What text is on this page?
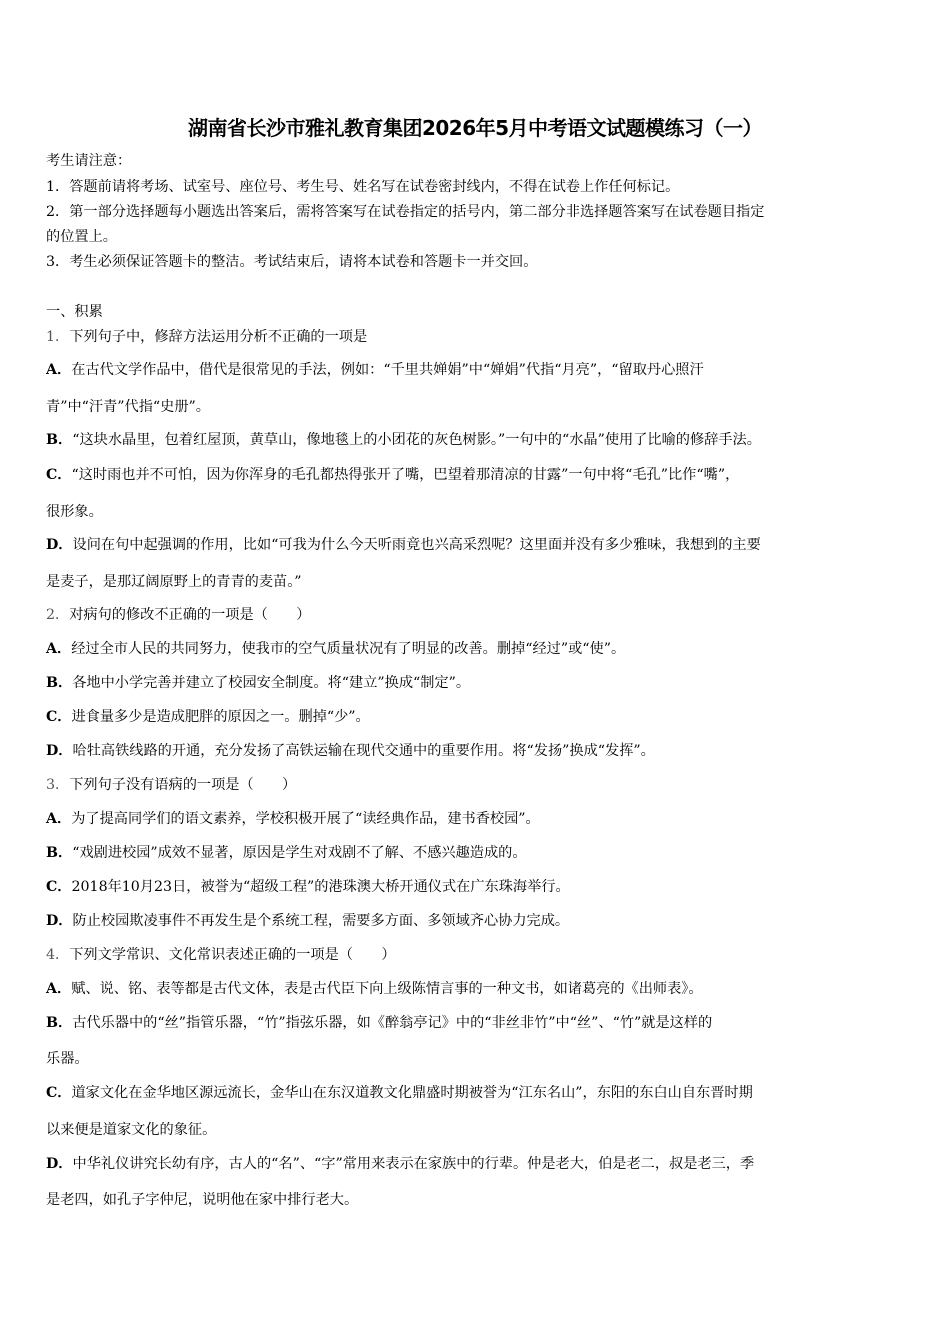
湖南省长沙市雅礼教育集团2026年5月中考语文试题模练习（一）
考生请注意：
1．答题前请将考场、试室号、座位号、考生号、姓名写在试卷密封线内，不得在试卷上作任何标记。
2．第一部分选择题每小题选出答案后，需将答案写在试卷指定的括号内，第二部分非选择题答案写在试卷题目指定
的位置上。
3．考生必须保证答题卡的整洁。考试结束后，请将本试卷和答题卡一并交回。
一、积累
1．下列句子中，修辞方法运用分析不正确的一项是
A．在古代文学作品中，借代是很常见的手法，例如：“千里共婵娟”中“婵娟”代指“月亮”，“留取丹心照汗
青”中“汗青”代指“史册”。
B．“这块水晶里，包着红屋顶，黄草山，像地毯上的小团花的灰色树影。”一句中的“水晶”使用了比喻的修辞手法。
C．“这时雨也并不可怕，因为你浑身的毛孔都热得张开了嘴，巴望着那清凉的甘露”一句中将“毛孔”比作“嘴”，
很形象。
D．设问在句中起强调的作用，比如“可我为什么今天听雨竟也兴高采烈呢？这里面并没有多少雅味，我想到的主要
是麦子，是那辽阔原野上的青青的麦苗。”
2．对病句的修改不正确的一项是（　　）
A．经过全市人民的共同努力，使我市的空气质量状况有了明显的改善。删掉“经过”或“使”。
B．各地中小学完善并建立了校园安全制度。将“建立”换成“制定”。
C．进食量多少是造成肥胖的原因之一。删掉“少”。
D．哈牡高铁线路的开通，充分发扬了高铁运输在现代交通中的重要作用。将“发扬”换成“发挥”。
3．下列句子没有语病的一项是（　　）
A．为了提高同学们的语文素养，学校积极开展了“读经典作品，建书香校园”。
B．“戏剧进校园”成效不显著，原因是学生对戏剧不了解、不感兴趣造成的。
C．2018年10月23日，被誉为“超级工程”的港珠澳大桥开通仪式在广东珠海举行。
D．防止校园欺凌事件不再发生是个系统工程，需要多方面、多领域齐心协力完成。
4．下列文学常识、文化常识表述正确的一项是（　　）
A．赋、说、铭、表等都是古代文体，表是古代臣下向上级陈情言事的一种文书，如诸葛亮的《出师表》。
B．古代乐器中的“丝”指管乐器，“竹”指弦乐器，如《醉翁亭记》中的“非丝非竹”中“丝”、“竹”就是这样的
乐器。
C．道家文化在金华地区源远流长，金华山在东汉道教文化鼎盛时期被誉为“江东名山”，东阳的东白山自东晋时期
以来便是道家文化的象征。
D．中华礼仪讲究长幼有序，古人的“名”、“字”常用来表示在家族中的行辈。仲是老大，伯是老二，叔是老三，季
是老四，如孔子字仲尼，说明他在家中排行老大。
